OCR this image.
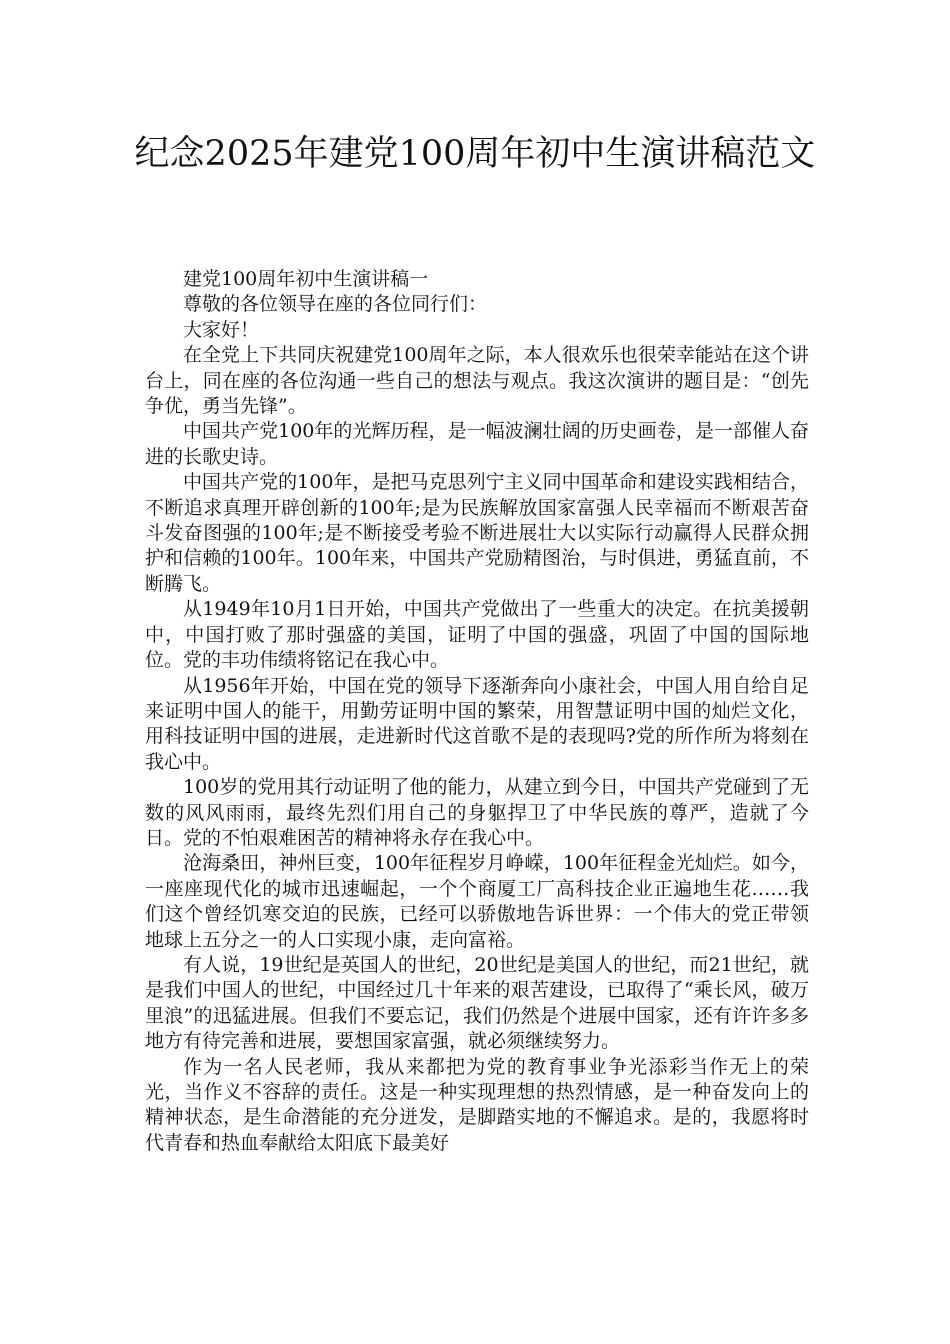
纪念2025年建党100周年初中生演讲稿范文

建党100周年初中生演讲稿一

尊敬的各位领导在座的各位同行们：

大家好！

在全党上下共同庆祝建党100周年之际，本人很欢乐也很荣幸能站在这个讲台上，同在座的各位沟通一些自己的想法与观点。我这次演讲的题目是：“创先争优，勇当先锋”。

中国共产党100年的光辉历程，是一幅波澜壮阔的历史画卷，是一部催人奋进的长歌史诗。

中国共产党的100年，是把马克思列宁主义同中国革命和建设实践相结合，不断追求真理开辟创新的100年;是为民族解放国家富强人民幸福而不断艰苦奋斗发奋图强的100年;是不断接受考验不断进展壮大以实际行动赢得人民群众拥护和信赖的100年。100年来，中国共产党励精图治，与时俱进，勇猛直前，不断腾飞。

从1949年10月1日开始，中国共产党做出了一些重大的决定。在抗美援朝中，中国打败了那时强盛的美国，证明了中国的强盛，巩固了中国的国际地位。党的丰功伟绩将铭记在我心中。

从1956年开始，中国在党的领导下逐渐奔向小康社会，中国人用自给自足来证明中国人的能干，用勤劳证明中国的繁荣，用智慧证明中国的灿烂文化，用科技证明中国的进展，走进新时代这首歌不是的表现吗?党的所作所为将刻在我心中。

100岁的党用其行动证明了他的能力，从建立到今日，中国共产党碰到了无数的风风雨雨，最终先烈们用自己的身躯捍卫了中华民族的尊严，造就了今日。党的不怕艰难困苦的精神将永存在我心中。

沧海桑田，神州巨变，100年征程岁月峥嵘，100年征程金光灿烂。如今，一座座现代化的城市迅速崛起，一个个商厦工厂高科技企业正遍地生花……我们这个曾经饥寒交迫的民族，已经可以骄傲地告诉世界：一个伟大的党正带领地球上五分之一的人口实现小康，走向富裕。

有人说，19世纪是英国人的世纪，20世纪是美国人的世纪，而21世纪，就是我们中国人的世纪，中国经过几十年来的艰苦建设，已取得了“乘长风，破万里浪”的迅猛进展。但我们不要忘记，我们仍然是个进展中国家，还有许许多多地方有待完善和进展，要想国家富强，就必须继续努力。

作为一名人民老师，我从来都把为党的教育事业争光添彩当作无上的荣光，当作义不容辞的责任。这是一种实现理想的热烈情感，是一种奋发向上的精神状态，是生命潜能的充分迸发，是脚踏实地的不懈追求。是的，我愿将时代青春和热血奉献给太阳底下最美好
